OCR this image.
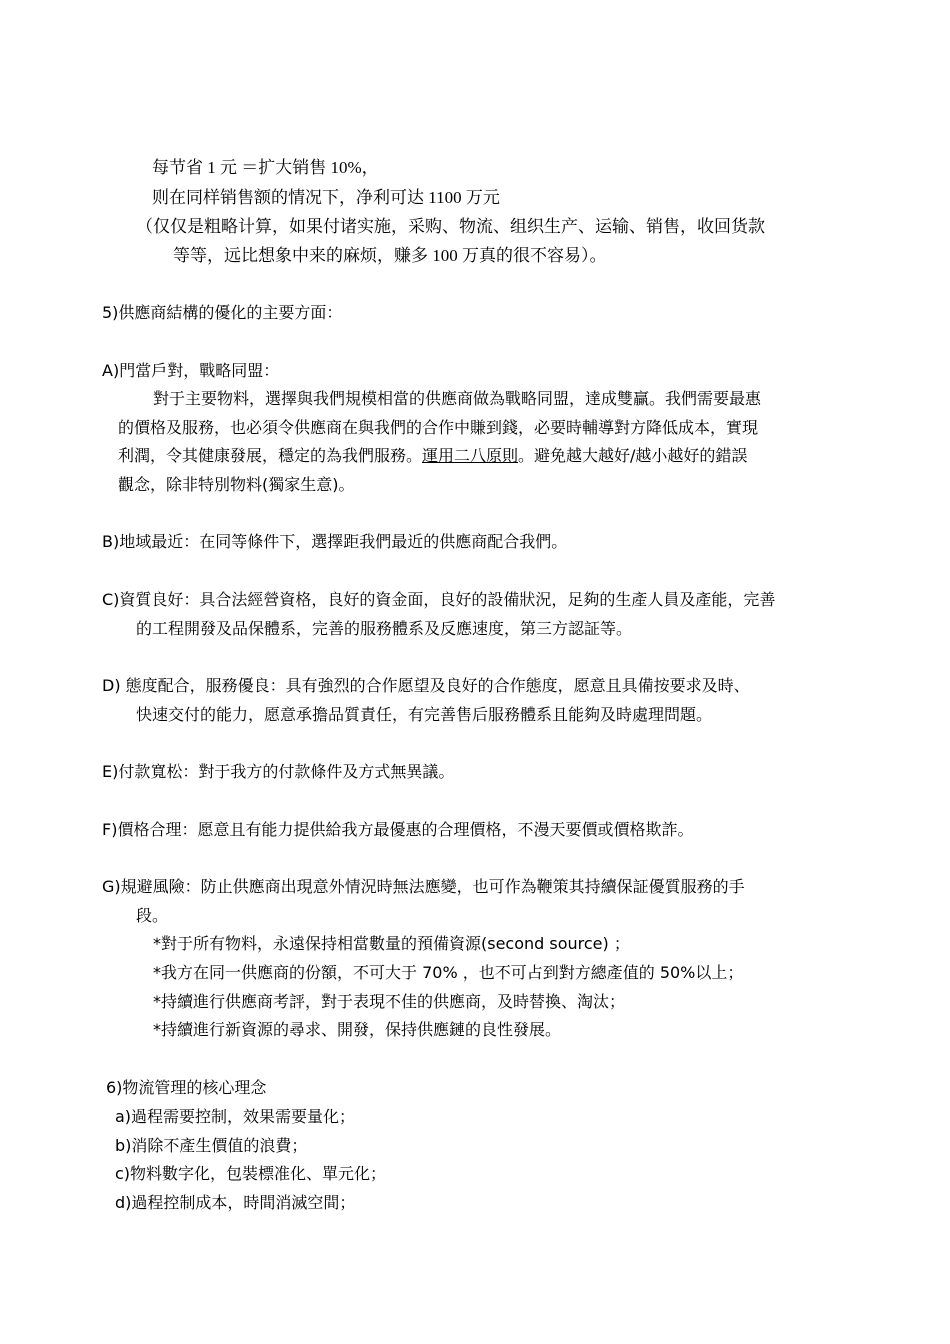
每节省 1 元 ＝扩大销售 10%，
则在同样销售额的情况下，净利可达 1100 万元
（仅仅是粗略计算，如果付诸实施，采购、物流、组织生产、运输、销售，收回货款
等等，远比想象中来的麻烦，赚多 100 万真的很不容易）。
5)供應商結構的優化的主要方面：
A)門當戶對，戰略同盟：
對于主要物料，選擇與我們規模相當的供應商做為戰略同盟，達成雙贏。我們需要最惠
的價格及服務，也必須令供應商在與我們的合作中賺到錢，必要時輔導對方降低成本，實現
利潤，令其健康發展，穩定的為我們服務。運用二八原則。避免越大越好/越小越好的錯誤
觀念，除非特別物料(獨家生意)。
B)地域最近：在同等條件下，選擇距我們最近的供應商配合我們。
C)資質良好：具合法經營資格，良好的資金面，良好的設備狀況，足夠的生產人員及產能，完善
的工程開發及品保體系，完善的服務體系及反應速度，第三方認証等。
D) 態度配合，服務優良：具有強烈的合作愿望及良好的合作態度，愿意且具備按要求及時、
快速交付的能力，愿意承擔品質責任，有完善售后服務體系且能夠及時處理問題。
E)付款寬松：對于我方的付款條件及方式無異議。
F)價格合理：愿意且有能力提供給我方最優惠的合理價格，不漫天要價或價格欺詐。
G)規避風險：防止供應商出現意外情況時無法應變，也可作為鞭策其持續保証優質服務的手
段。
*對于所有物料，永遠保持相當數量的預備資源(second source) ；
*我方在同一供應商的份額，不可大于 70% ，也不可占到對方總產值的 50%以上；
*持續進行供應商考評，對于表現不佳的供應商，及時替換、淘汰；
*持續進行新資源的尋求、開發，保持供應鏈的良性發展。
6)物流管理的核心理念
a)過程需要控制，效果需要量化；
b)消除不產生價值的浪費；
c)物料數字化，包裝標准化、單元化；
d)過程控制成本，時間消滅空間；
